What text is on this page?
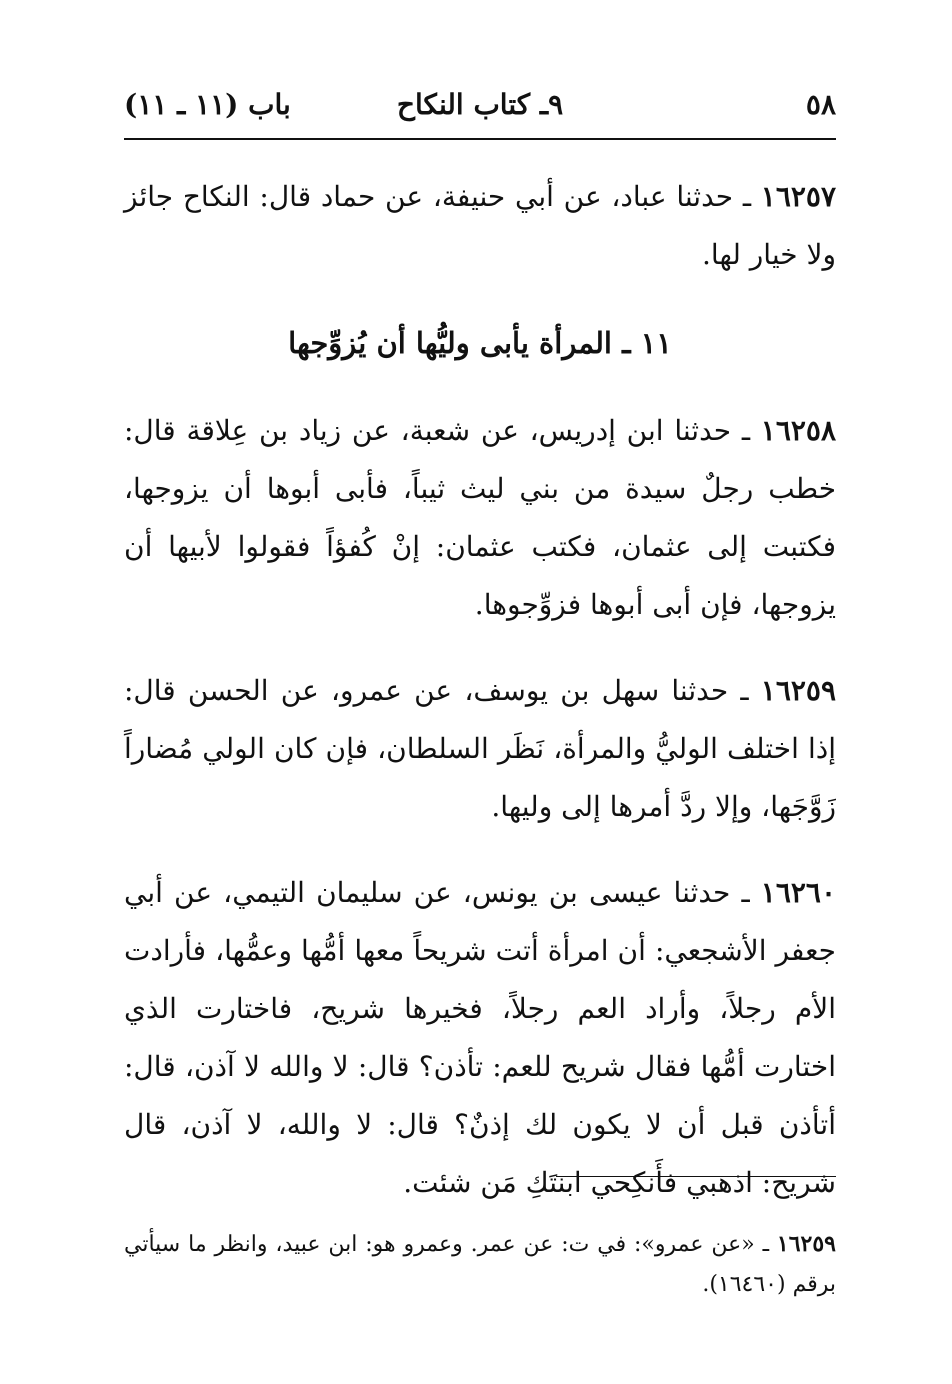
٥٨
٩ـ كتاب النكاح
باب (١١ ـ ١١)

١٦٢٥٧ ـ حدثنا عباد، عن أبي حنيفة، عن حماد قال: النكاح جائز ولا خيار لها.

١١ ـ المرأة يأبى وليُّها أن يُزوِّجها

١٦٢٥٨ ـ حدثنا ابن إدريس، عن شعبة، عن زياد بن عِلاقة قال: خطب رجلٌ سيدة من بني ليث ثيباً، فأبى أبوها أن يزوجها، فكتبت إلى عثمان، فكتب عثمان: إنْ كُفؤاً فقولوا لأبيها أن يزوجها، فإن أبى أبوها فزوِّجوها.

١٦٢٥٩ ـ حدثنا سهل بن يوسف، عن عمرو، عن الحسن قال: إذا اختلف الوليُّ والمرأة، نَظَر السلطان، فإن كان الولي مُضاراً زَوَّجَها، وإلا ردَّ أمرها إلى وليها.

١٦٢٦٠ ـ حدثنا عيسى بن يونس، عن سليمان التيمي، عن أبي جعفر الأشجعي: أن امرأة أتت شريحاً معها أمُّها وعمُّها، فأرادت الأم رجلاً، وأراد العم رجلاً، فخيرها شريح، فاختارت الذي اختارت أمُّها فقال شريح للعم: تأذن؟ قال: لا والله لا آذن، قال: أتأذن قبل أن لا يكون لك إذنٌ؟ قال: لا والله، لا آذن، قال شريح: اذهبي فأَنكِحي ابنتَكِ مَن شئت.

١٦٢٥٩ ـ «عن عمرو»: في ت: عن عمر. وعمرو هو: ابن عبيد، وانظر ما سيأتي برقم (١٦٤٦٠).
